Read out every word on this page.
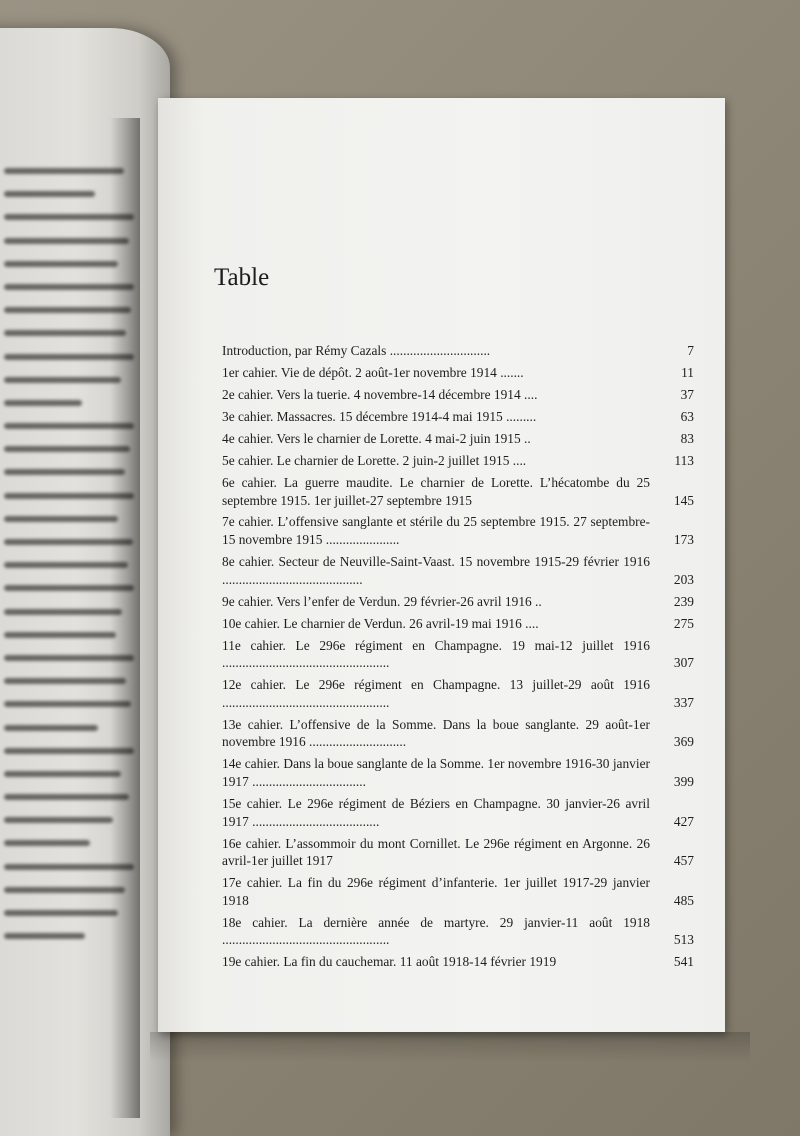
Table
Introduction, par Rémy Cazals ..............................	7
1er cahier. Vie de dépôt. 2 août-1er novembre 1914 .......	11
2e cahier. Vers la tuerie. 4 novembre-14 décembre 1914 ....	37
3e cahier. Massacres. 15 décembre 1914-4 mai 1915 .........	63
4e cahier. Vers le charnier de Lorette. 4 mai-2 juin 1915 ..	83
5e cahier. Le charnier de Lorette. 2 juin-2 juillet 1915 ....	113
6e cahier. La guerre maudite. Le charnier de Lorette. L’hécatombe du 25 septembre 1915. 1er juillet-27 septembre 1915	145
7e cahier. L’offensive sanglante et stérile du 25 septembre 1915. 27 septembre-15 novembre 1915 ......................	173
8e cahier. Secteur de Neuville-Saint-Vaast. 15 novembre 1915-29 février 1916 ..........................................	203
9e cahier. Vers l’enfer de Verdun. 29 février-26 avril 1916 ..	239
10e cahier. Le charnier de Verdun. 26 avril-19 mai 1916 ....	275
11e cahier. Le 296e régiment en Champagne. 19 mai-12 juillet 1916 ..................................................	307
12e cahier. Le 296e régiment en Champagne. 13 juillet-29 août 1916 ..................................................	337
13e cahier. L’offensive de la Somme. Dans la boue sanglante. 29 août-1er novembre 1916 .............................	369
14e cahier. Dans la boue sanglante de la Somme. 1er novembre 1916-30 janvier 1917 ..................................	399
15e cahier. Le 296e régiment de Béziers en Champagne. 30 janvier-26 avril 1917 ......................................	427
16e cahier. L’assommoir du mont Cornillet. Le 296e régiment en Argonne. 26 avril-1er juillet 1917	457
17e cahier. La fin du 296e régiment d’infanterie. 1er juillet 1917-29 janvier 1918	485
18e cahier. La dernière année de martyre. 29 janvier-11 août 1918 ..................................................	513
19e cahier. La fin du cauchemar. 11 août 1918-14 février 1919	541
